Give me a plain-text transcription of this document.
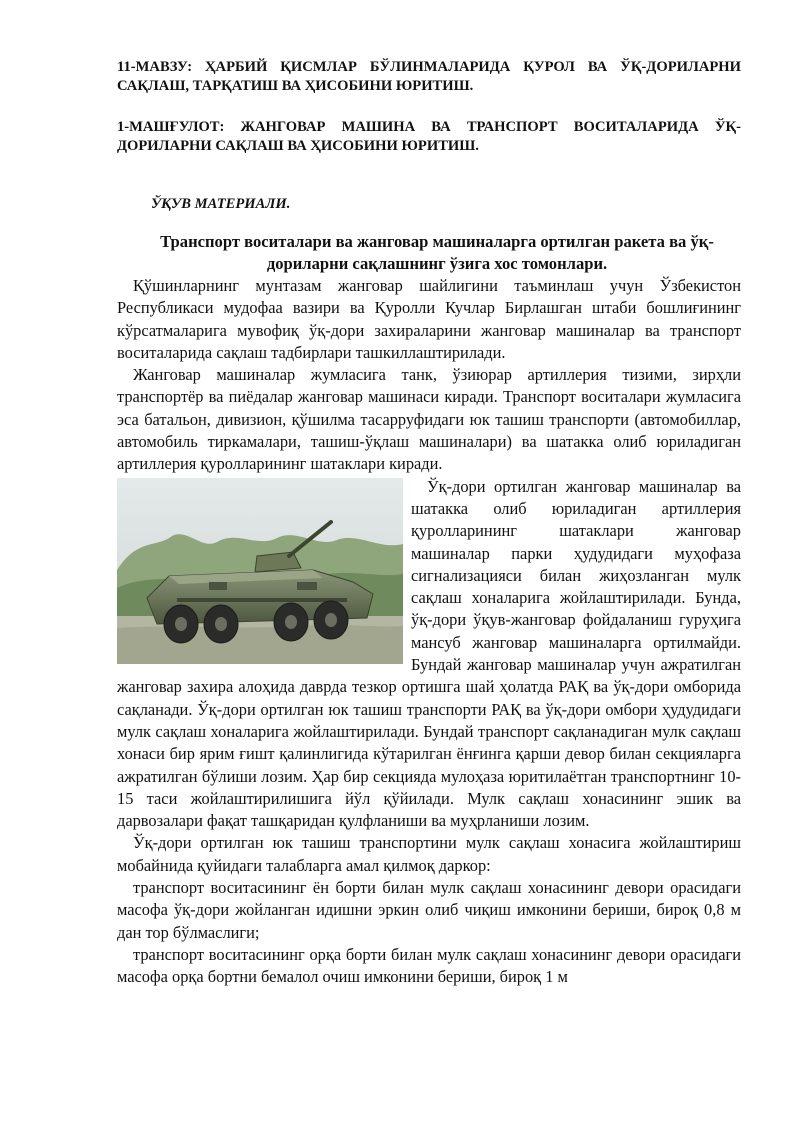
11-МАВЗУ: ҲАРБИЙ ҚИСМЛАР БЎЛИНМАЛАРИДА ҚУРОЛ ВА ЎҚ-ДОРИЛАРНИ САҚЛАШ, ТАРҚАТИШ ВА ҲИСОБИНИ ЮРИТИШ.

1-МАШҒУЛОТ: ЖАНГОВАР МАШИНА ВА ТРАНСПОРТ ВОСИТАЛАРИДА ЎҚ-ДОРИЛАРНИ САҚЛАШ ВА ҲИСОБИНИ ЮРИТИШ.

ЎҚУВ МАТЕРИАЛИ.

Транспорт воситалари ва жанговар машиналарга ортилган ракета ва ўқ-дориларни сақлашнинг ўзига хос томонлари.

Қўшинларнинг мунтазам жанговар шайлигини таъминлаш учун Ўзбекистон Республикаси мудофаа вазири ва Қуролли Кучлар Бирлашган штаби бошлиғининг кўрсатмаларига мувофиқ ўқ-дори захираларини жанговар машиналар ва транспорт воситаларида сақлаш тадбирлари ташкиллаштирилади.

Жанговар машиналар жумласига танк, ўзиюрар артиллерия тизими, зирҳли транспортёр ва пиёдалар жанговар машинаси киради. Транспорт воситалари жумласига эса батальон, дивизион, қўшилма тасарруфидаги юк ташиш транспорти (автомобиллар, автомобиль тиркамалари, ташиш-ўқлаш машиналари) ва шатакка олиб юриладиган артиллерия қуролларининг шатаклари киради.

Ўқ-дори ортилган жанговар машиналар ва шатакка олиб юриладиган артиллерия қуролларининг шатаклари жанговар машиналар парки ҳудудидаги муҳофаза сигнализацияси билан жиҳозланган мулк сақлаш хоналарига жойлаштирилади. Бунда, ўқ-дори ўқув-жанговар фойдаланиш гуруҳига мансуб жанговар машиналарга ортилмайди. Бундай жанговар машиналар учун ажратилган жанговар захира алоҳида даврда тезкор ортишга шай ҳолатда РАҚ ва ўқ-дори омборида сақланади. Ўқ-дори ортилган юк ташиш транспорти РАҚ ва ўқ-дори омбори ҳудудидаги мулк сақлаш хоналарига жойлаштирилади. Бундай транспорт сақланадиган мулк сақлаш хонаси бир ярим ғишт қалинлигида кўтарилган ёнғинга қарши девор билан секцияларга ажратилган бўлиши лозим. Ҳар бир секцияда мулоҳаза юритилаётган транспортнинг 10-15 таси жойлаштирилишига йўл қўйилади. Мулк сақлаш хонасининг эшик ва дарвозалари фақат ташқаридан қулфланиши ва муҳрланиши лозим.

Ўқ-дори ортилган юк ташиш транспортини мулк сақлаш хонасига жойлаштириш мобайнида қуйидаги талабларга амал қилмоқ даркор:

транспорт воситасининг ён борти билан мулк сақлаш хонасининг девори орасидаги масофа ўқ-дори жойланган идишни эркин олиб чиқиш имконини бериши, бироқ 0,8 м дан тор бўлмаслиги;

транспорт воситасининг орқа борти билан мулк сақлаш хонасининг девори орасидаги масофа орқа бортни бемалол очиш имконини бериши, бироқ 1 м
